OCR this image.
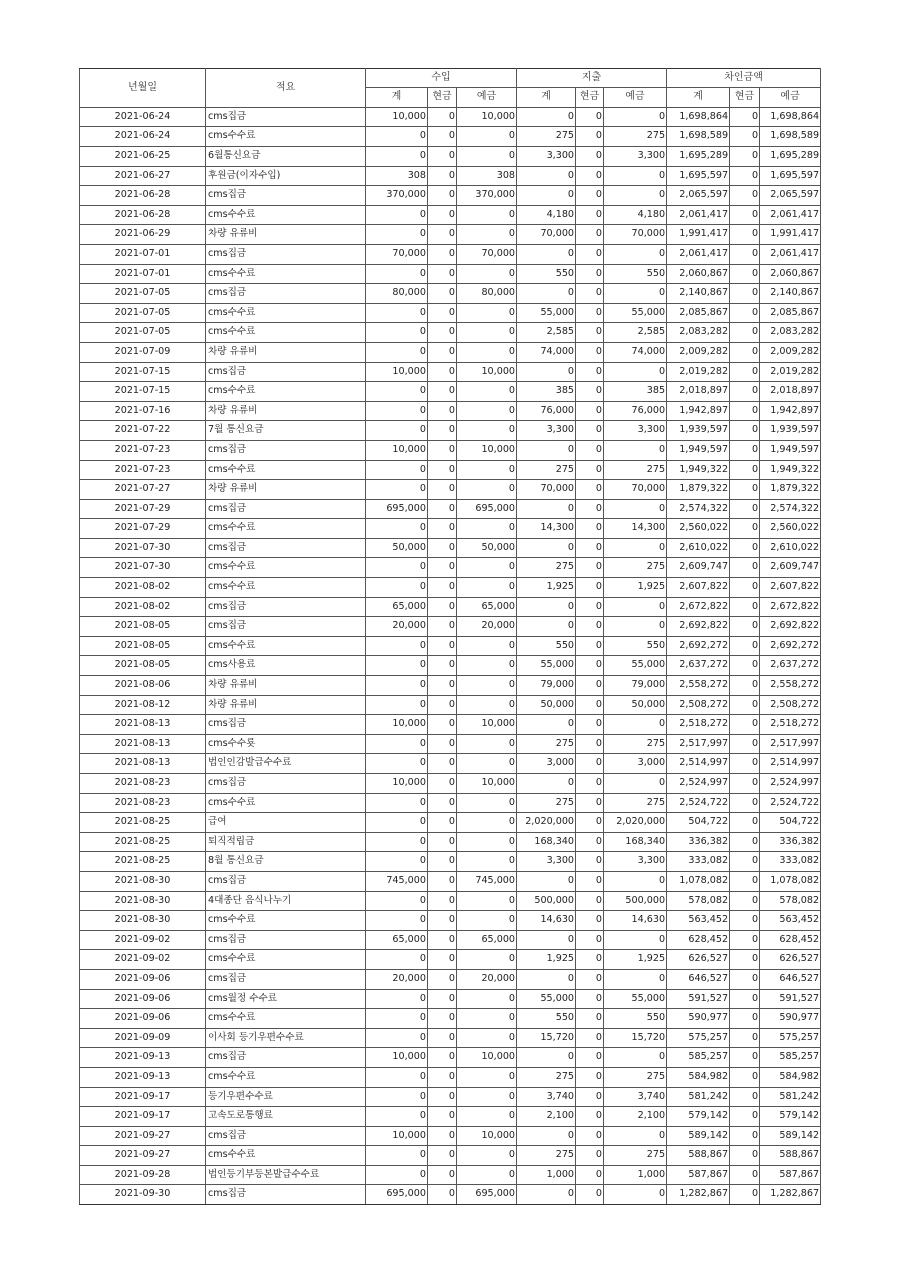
년월일	적요	수입			지출			차인금액		
		계	현금	예금	계	현금	예금	계	현금	예금
2021-06-24	cms집금	10,000	0	10,000	0	0	0	1,698,864	0	1,698,864
2021-06-24	cms수수료	0	0	0	275	0	275	1,698,589	0	1,698,589
2021-06-25	6월통신요금	0	0	0	3,300	0	3,300	1,695,289	0	1,695,289
2021-06-27	후원금(이자수입)	308	0	308	0	0	0	1,695,597	0	1,695,597
2021-06-28	cms집금	370,000	0	370,000	0	0	0	2,065,597	0	2,065,597
2021-06-28	cms수수료	0	0	0	4,180	0	4,180	2,061,417	0	2,061,417
2021-06-29	차량 유류비	0	0	0	70,000	0	70,000	1,991,417	0	1,991,417
2021-07-01	cms집금	70,000	0	70,000	0	0	0	2,061,417	0	2,061,417
2021-07-01	cms수수료	0	0	0	550	0	550	2,060,867	0	2,060,867
2021-07-05	cms집금	80,000	0	80,000	0	0	0	2,140,867	0	2,140,867
2021-07-05	cms수수료	0	0	0	55,000	0	55,000	2,085,867	0	2,085,867
2021-07-05	cms수수료	0	0	0	2,585	0	2,585	2,083,282	0	2,083,282
2021-07-09	차량 유류비	0	0	0	74,000	0	74,000	2,009,282	0	2,009,282
2021-07-15	cms집금	10,000	0	10,000	0	0	0	2,019,282	0	2,019,282
2021-07-15	cms수수료	0	0	0	385	0	385	2,018,897	0	2,018,897
2021-07-16	차량 유류비	0	0	0	76,000	0	76,000	1,942,897	0	1,942,897
2021-07-22	7월 통신요금	0	0	0	3,300	0	3,300	1,939,597	0	1,939,597
2021-07-23	cms집금	10,000	0	10,000	0	0	0	1,949,597	0	1,949,597
2021-07-23	cms수수료	0	0	0	275	0	275	1,949,322	0	1,949,322
2021-07-27	차량 유류비	0	0	0	70,000	0	70,000	1,879,322	0	1,879,322
2021-07-29	cms집금	695,000	0	695,000	0	0	0	2,574,322	0	2,574,322
2021-07-29	cms수수료	0	0	0	14,300	0	14,300	2,560,022	0	2,560,022
2021-07-30	cms집금	50,000	0	50,000	0	0	0	2,610,022	0	2,610,022
2021-07-30	cms수수료	0	0	0	275	0	275	2,609,747	0	2,609,747
2021-08-02	cms수수료	0	0	0	1,925	0	1,925	2,607,822	0	2,607,822
2021-08-02	cms집금	65,000	0	65,000	0	0	0	2,672,822	0	2,672,822
2021-08-05	cms집금	20,000	0	20,000	0	0	0	2,692,822	0	2,692,822
2021-08-05	cms수수료	0	0	0	550	0	550	2,692,272	0	2,692,272
2021-08-05	cms사용료	0	0	0	55,000	0	55,000	2,637,272	0	2,637,272
2021-08-06	차량 유류비	0	0	0	79,000	0	79,000	2,558,272	0	2,558,272
2021-08-12	차량 유류비	0	0	0	50,000	0	50,000	2,508,272	0	2,508,272
2021-08-13	cms집금	10,000	0	10,000	0	0	0	2,518,272	0	2,518,272
2021-08-13	cms수수룟	0	0	0	275	0	275	2,517,997	0	2,517,997
2021-08-13	법인인감발급수수료	0	0	0	3,000	0	3,000	2,514,997	0	2,514,997
2021-08-23	cms집금	10,000	0	10,000	0	0	0	2,524,997	0	2,524,997
2021-08-23	cms수수료	0	0	0	275	0	275	2,524,722	0	2,524,722
2021-08-25	급여	0	0	0	2,020,000	0	2,020,000	504,722	0	504,722
2021-08-25	퇴직적립금	0	0	0	168,340	0	168,340	336,382	0	336,382
2021-08-25	8월 통신요금	0	0	0	3,300	0	3,300	333,082	0	333,082
2021-08-30	cms집금	745,000	0	745,000	0	0	0	1,078,082	0	1,078,082
2021-08-30	4대종단 음식나누기	0	0	0	500,000	0	500,000	578,082	0	578,082
2021-08-30	cms수수료	0	0	0	14,630	0	14,630	563,452	0	563,452
2021-09-02	cms집금	65,000	0	65,000	0	0	0	628,452	0	628,452
2021-09-02	cms수수료	0	0	0	1,925	0	1,925	626,527	0	626,527
2021-09-06	cms집금	20,000	0	20,000	0	0	0	646,527	0	646,527
2021-09-06	cms월정 수수료	0	0	0	55,000	0	55,000	591,527	0	591,527
2021-09-06	cms수수료	0	0	0	550	0	550	590,977	0	590,977
2021-09-09	이사회 등기우편수수료	0	0	0	15,720	0	15,720	575,257	0	575,257
2021-09-13	cms집금	10,000	0	10,000	0	0	0	585,257	0	585,257
2021-09-13	cms수수료	0	0	0	275	0	275	584,982	0	584,982
2021-09-17	등기우편수수료	0	0	0	3,740	0	3,740	581,242	0	581,242
2021-09-17	고속도로통행료	0	0	0	2,100	0	2,100	579,142	0	579,142
2021-09-27	cms집금	10,000	0	10,000	0	0	0	589,142	0	589,142
2021-09-27	cms수수료	0	0	0	275	0	275	588,867	0	588,867
2021-09-28	법인등기부등본발급수수료	0	0	0	1,000	0	1,000	587,867	0	587,867
2021-09-30	cms집금	695,000	0	695,000	0	0	0	1,282,867	0	1,282,867
